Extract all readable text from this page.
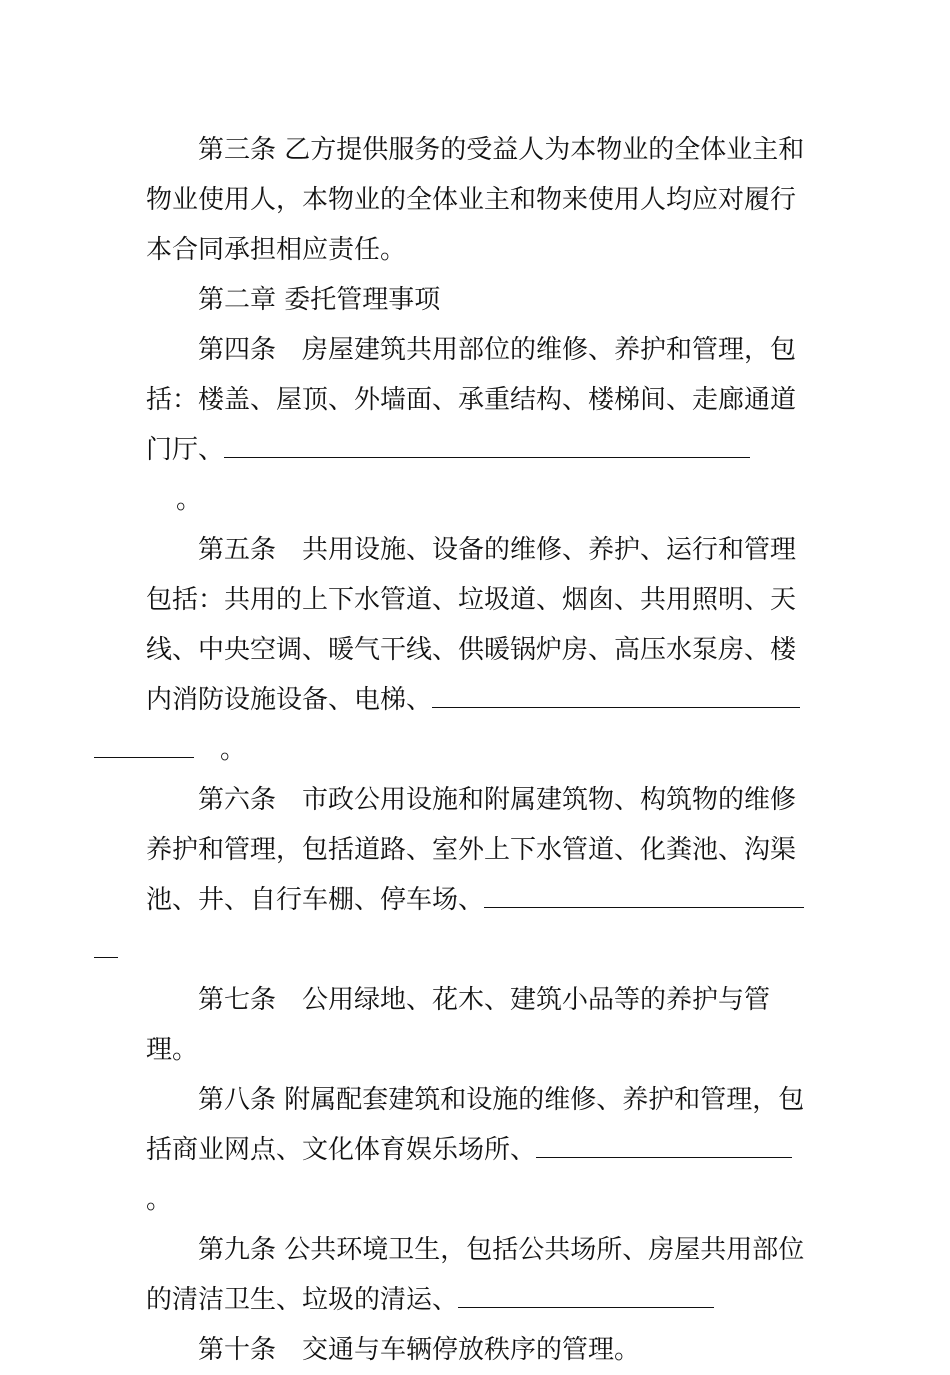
第三条 乙方提供服务的受益人为本物业的全体业主和物业使用人，本物业的全体业主和物来使用人均应对履行本合同承担相应责任。

第二章 委托管理事项

第四条　房屋建筑共用部位的维修、养护和管理，包括：楼盖、屋顶、外墙面、承重结构、楼梯间、走廊通道门厅、。

第五条　共用设施、设备的维修、养护、运行和管理包括：共用的上下水管道、垃圾道、烟囱、共用照明、天线、中央空调、暖气干线、供暖锅炉房、高压水泵房、楼内消防设施设备、电梯、
。

第六条　市政公用设施和附属建筑物、构筑物的维修养护和管理，包括道路、室外上下水管道、化粪池、沟渠池、井、自行车棚、停车场、

第七条　公用绿地、花木、建筑小品等的养护与管理。

第八条 附属配套建筑和设施的维修、养护和管理，包括商业网点、文化体育娱乐场所、。

第九条 公共环境卫生，包括公共场所、房屋共用部位的清洁卫生、垃圾的清运、

第十条　交通与车辆停放秩序的管理。
